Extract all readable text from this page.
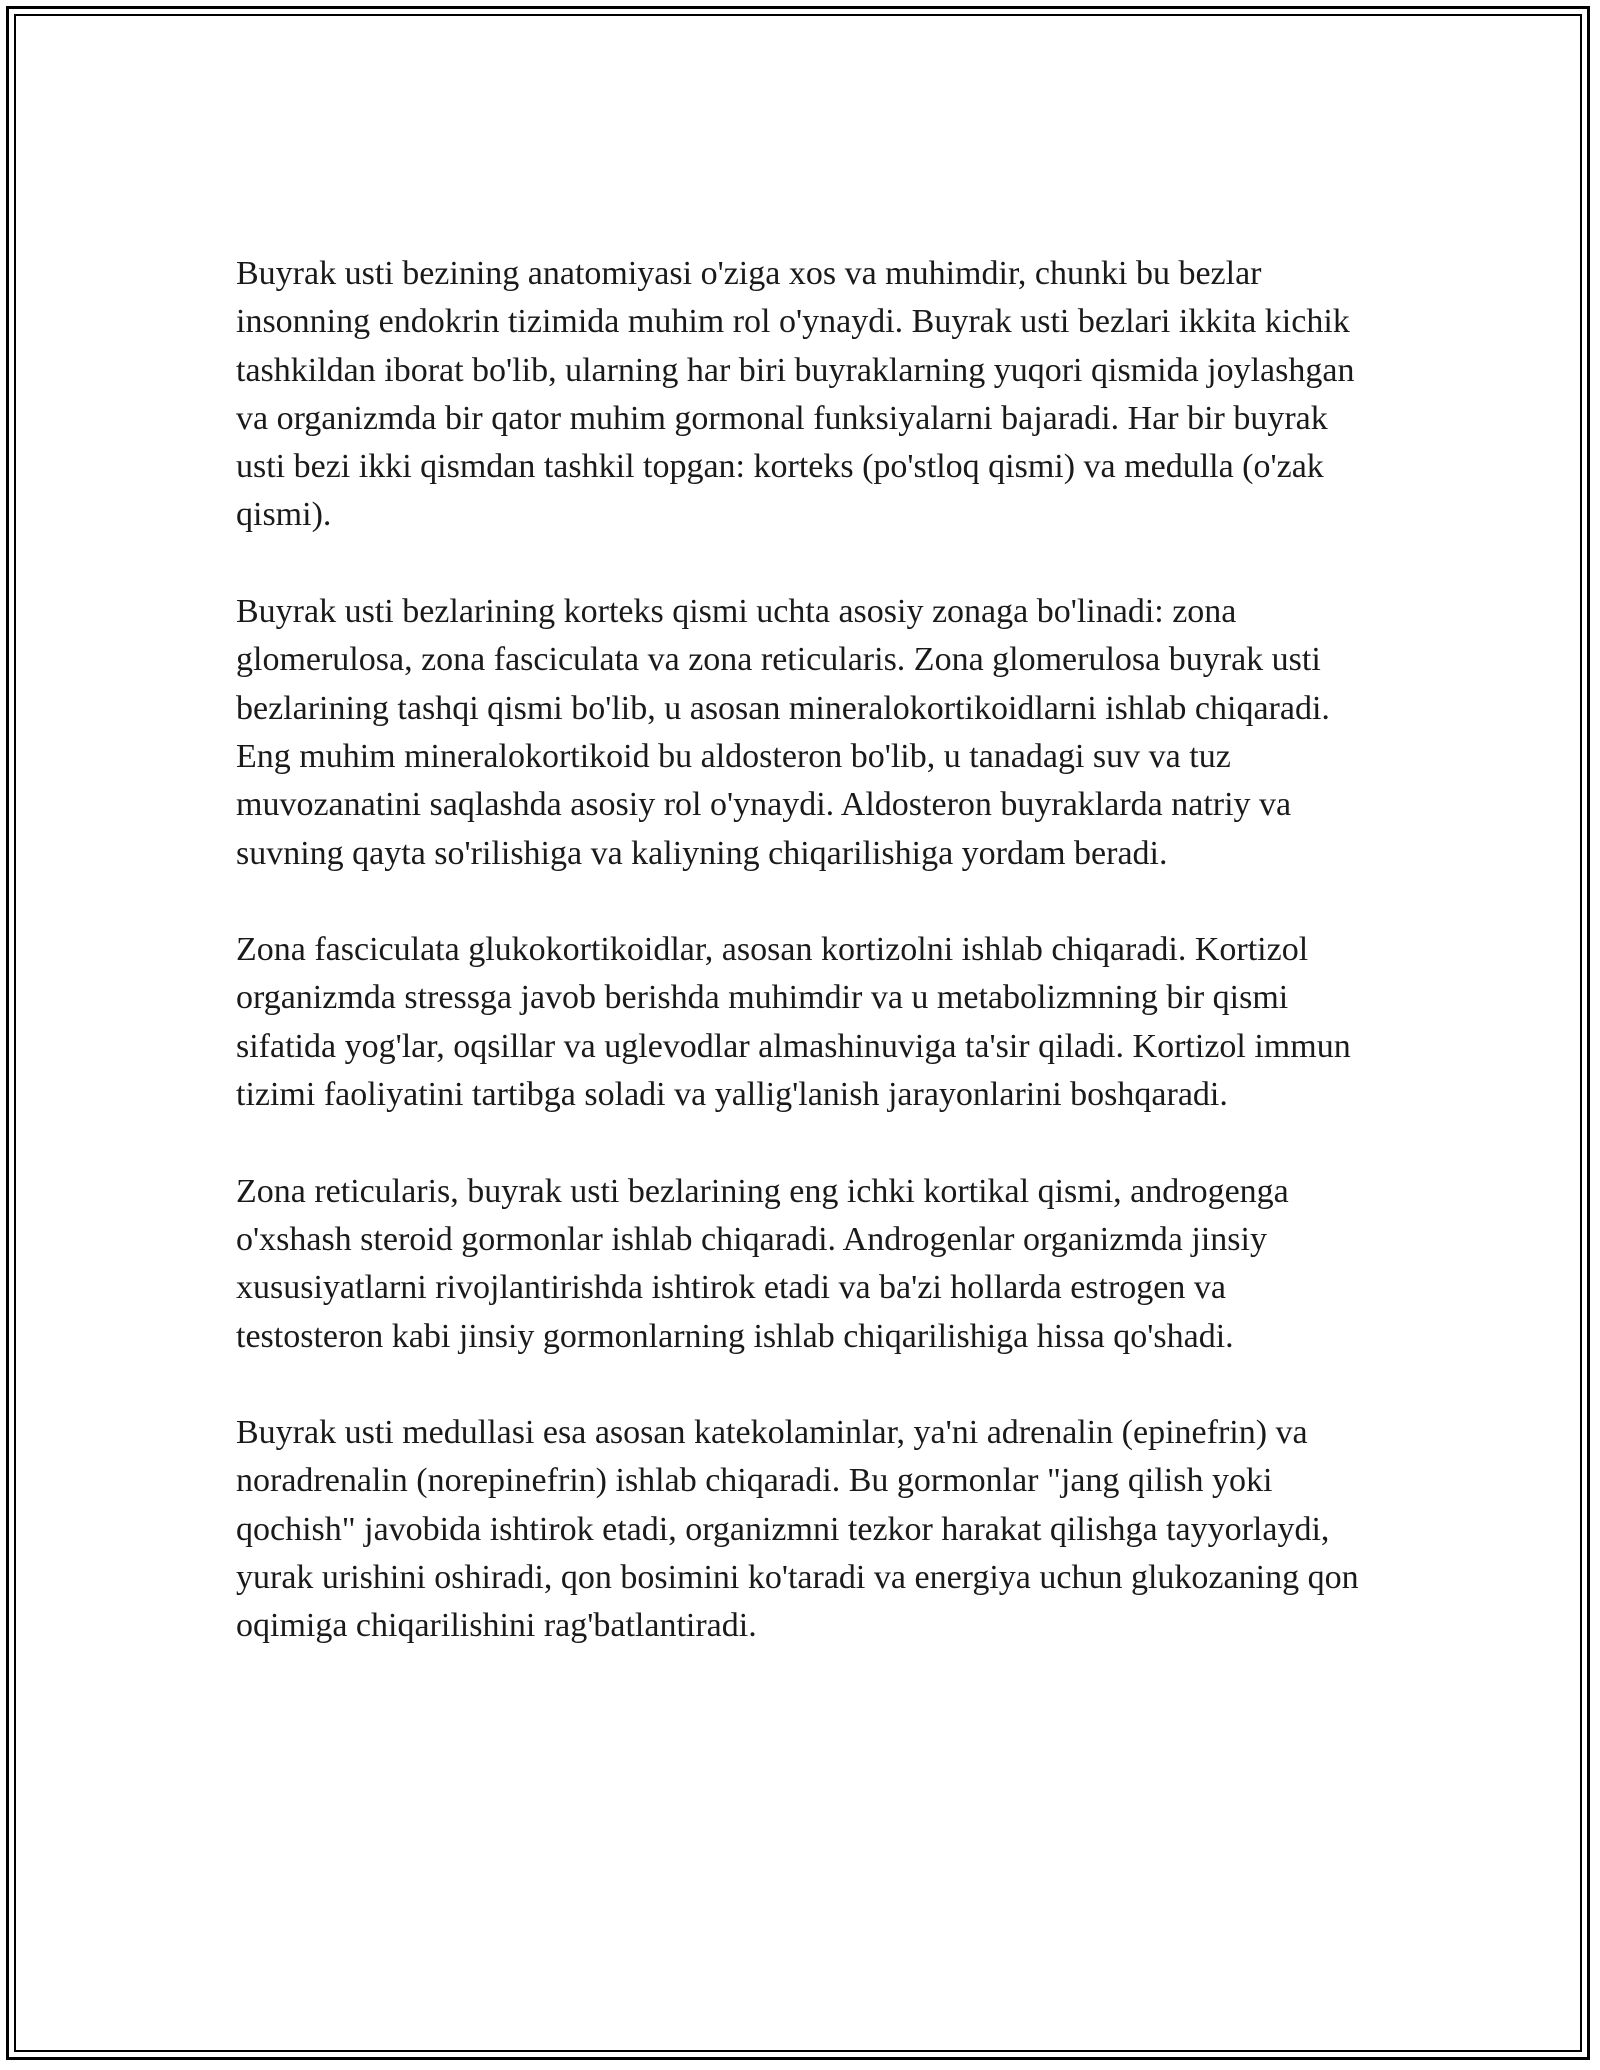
Buyrak usti bezining anatomiyasi o'ziga xos va muhimdir, chunki bu bezlar insonning endokrin tizimida muhim rol o'ynaydi. Buyrak usti bezlari ikkita kichik tashkildan iborat bo'lib, ularning har biri buyraklarning yuqori qismida joylashgan va organizmda bir qator muhim gormonal funksiyalarni bajaradi. Har bir buyrak usti bezi ikki qismdan tashkil topgan: korteks (po'stloq qismi) va medulla (o'zak qismi).

Buyrak usti bezlarining korteks qismi uchta asosiy zonaga bo'linadi: zona glomerulosa, zona fasciculata va zona reticularis. Zona glomerulosa buyrak usti bezlarining tashqi qismi bo'lib, u asosan mineralokortikoidlarni ishlab chiqaradi. Eng muhim mineralokortikoid bu aldosteron bo'lib, u tanadagi suv va tuz muvozanatini saqlashda asosiy rol o'ynaydi. Aldosteron buyraklarda natriy va suvning qayta so'rilishiga va kaliyning chiqarilishiga yordam beradi.

Zona fasciculata glukokortikoidlar, asosan kortizolni ishlab chiqaradi. Kortizol organizmda stressga javob berishda muhimdir va u metabolizmning bir qismi sifatida yog'lar, oqsillar va uglevodlar almashinuviga ta'sir qiladi. Kortizol immun tizimi faoliyatini tartibga soladi va yallig'lanish jarayonlarini boshqaradi.

Zona reticularis, buyrak usti bezlarining eng ichki kortikal qismi, androgenga o'xshash steroid gormonlar ishlab chiqaradi. Androgenlar organizmda jinsiy xususiyatlarni rivojlantirishda ishtirok etadi va ba'zi hollarda estrogen va testosteron kabi jinsiy gormonlarning ishlab chiqarilishiga hissa qo'shadi.

Buyrak usti medullasi esa asosan katekolaminlar, ya'ni adrenalin (epinefrin) va noradrenalin (norepinefrin) ishlab chiqaradi. Bu gormonlar "jang qilish yoki qochish" javobida ishtirok etadi, organizmni tezkor harakat qilishga tayyorlaydi, yurak urishini oshiradi, qon bosimini ko'taradi va energiya uchun glukozaning qon oqimiga chiqarilishini rag'batlantiradi.
